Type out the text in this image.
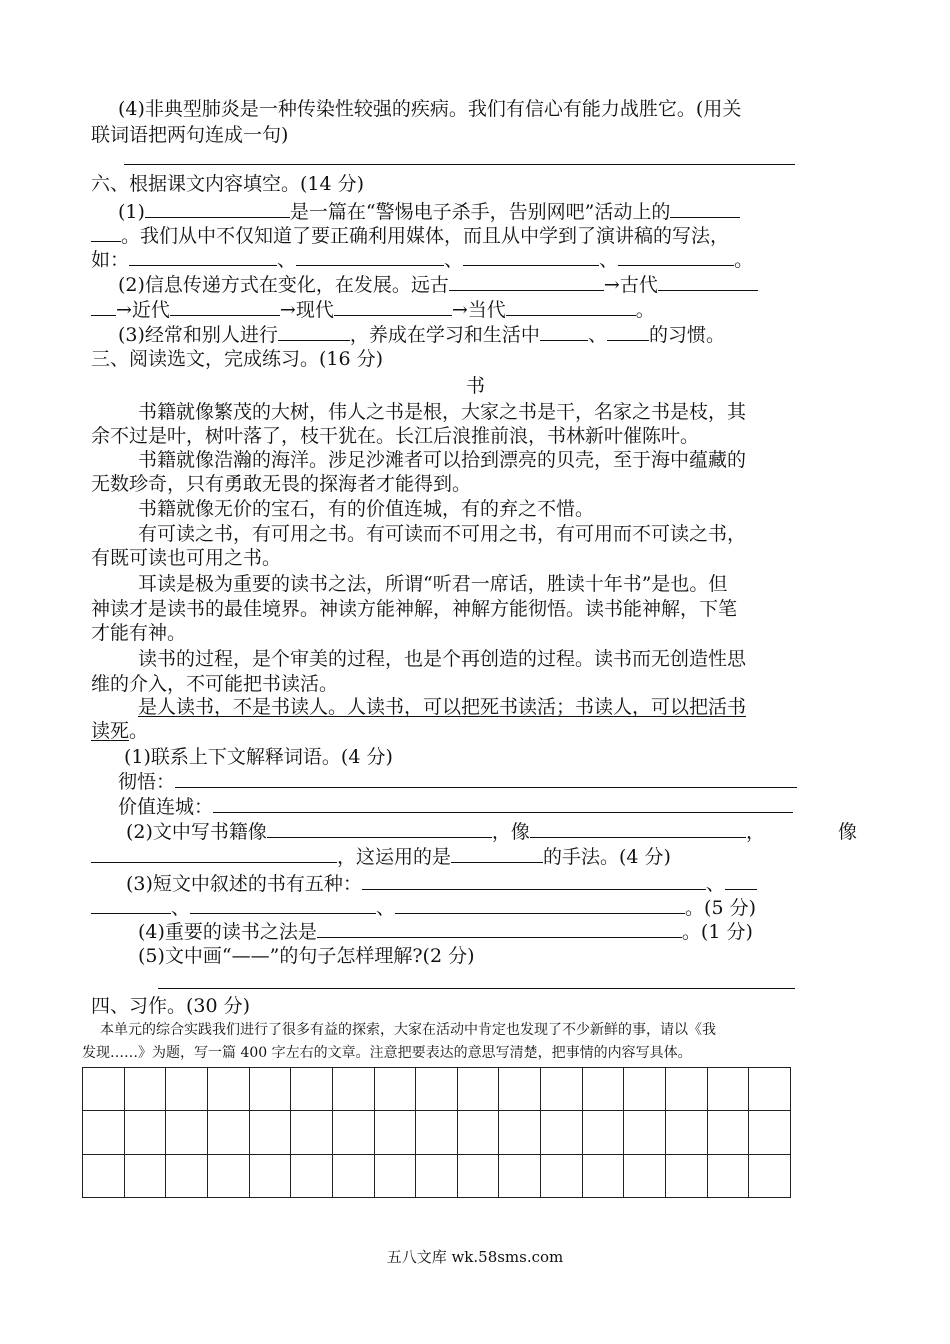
(4)非典型肺炎是一种传染性较强的疾病。我们有信心有能力战胜它。(用关

联词语把两句连成一句)

六、根据课文内容填空。(14 分)

(1)	是一篇在“警惕电子杀手，告别网吧”活动上的

。我们从中不仅知道了要正确利用媒体，而且从中学到了演讲稿的写法，

如：	、	、	、	。

(2)信息传递方式在变化，在发展。远古	→古代

→近代	→现代	→当代	。

(3)经常和别人进行	，养成在学习和生活中	、 的习惯。

三、阅读选文，完成练习。(16 分)

书

书籍就像繁茂的大树，伟人之书是根，大家之书是干，名家之书是枝，其

余不过是叶，树叶落了，枝干犹在。长江后浪推前浪，书林新叶催陈叶。

书籍就像浩瀚的海洋。涉足沙滩者可以拾到漂亮的贝壳，至于海中蕴藏的

无数珍奇，只有勇敢无畏的探海者才能得到。

书籍就像无价的宝石，有的价值连城，有的弃之不惜。

有可读之书，有可用之书。有可读而不可用之书，有可用而不可读之书，

有既可读也可用之书。

耳读是极为重要的读书之法，所谓“听君一席话，胜读十年书”是也。但

神读才是读书的最佳境界。神读方能神解，神解方能彻悟。读书能神解，下笔

才能有神。

读书的过程，是个审美的过程，也是个再创造的过程。读书而无创造性思

维的介入，不可能把书读活。

是人读书，不是书读人。人读书，可以把死书读活；书读人，可以把活书

读死。

(1)联系上下文解释词语。(4 分)

彻悟：

价值连城：

(2)文中写书籍像	，像	，	像

，这运用的是	的手法。(4 分)

(3)短文中叙述的书有五种：	、

、	、	。(5 分)

(4)重要的读书之法是	。(1 分)

(5)文中画“——”的句子怎样理解?(2 分)

四、习作。(30 分)

本单元的综合实践我们进行了很多有益的探索，大家在活动中肯定也发现了不少新鲜的事，请以《我

发现……》为题，写一篇 400 字左右的文章。注意把要表达的意思写清楚，把事情的内容写具体。

五八文库 wk.58sms.com
